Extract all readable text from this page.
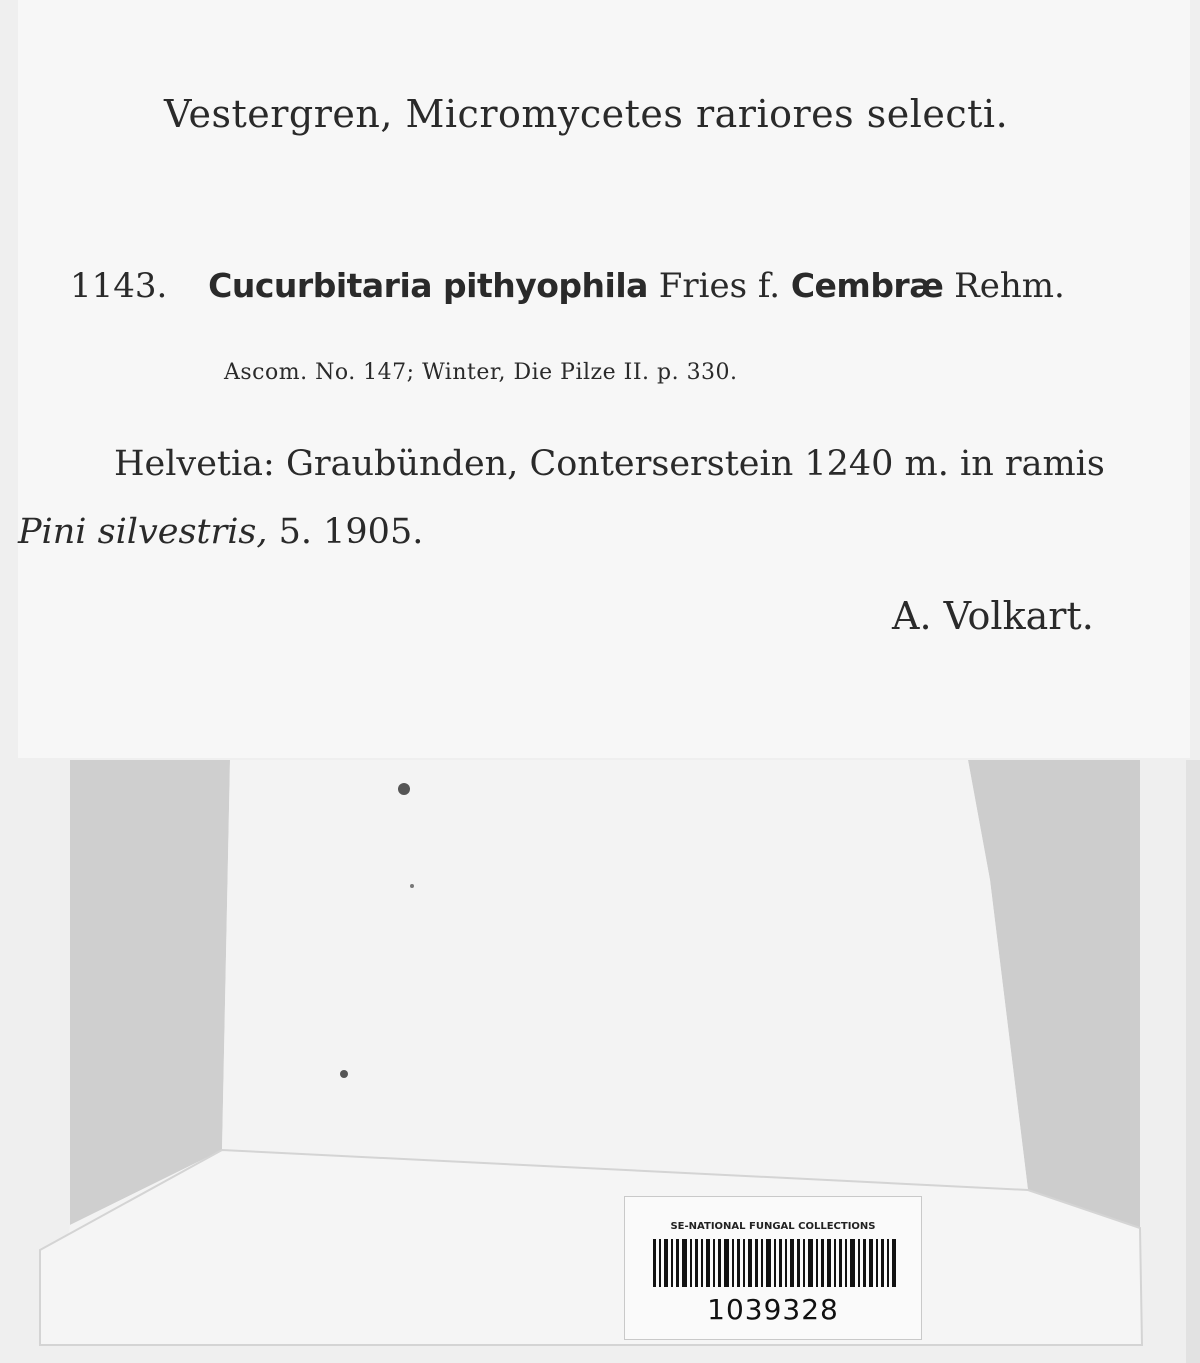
Vestergren, Micromycetes rariores selecti.
1143. Cucurbitaria pithyophila Fries f. Cembræ Rehm.
Ascom. No. 147; Winter, Die Pilze II. p. 330.
Helvetia: Graubünden, Conterserstein 1240 m. in ramis
Pini silvestris, 5. 1905.
A. Volkart.
SE-NATIONAL FUNGAL COLLECTIONS
1039328
